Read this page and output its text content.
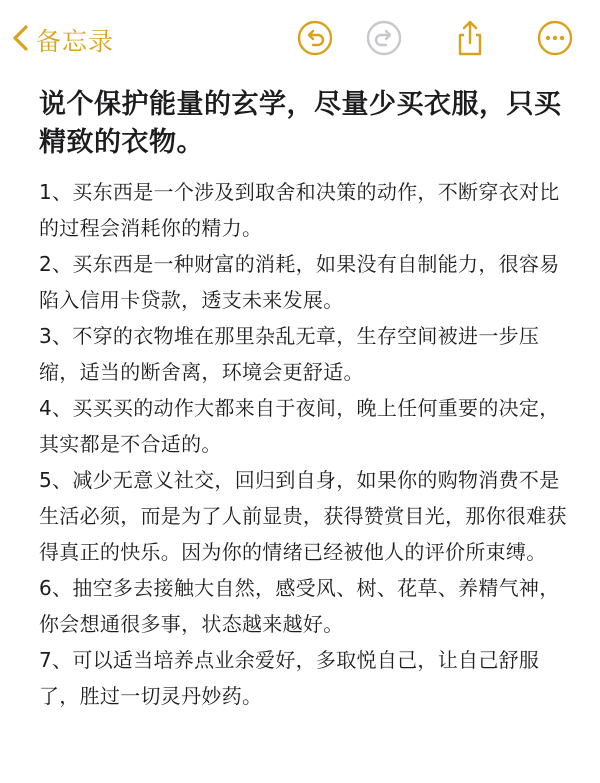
备忘录
说个保护能量的玄学，尽量少买衣服，只买精致的衣物。

1、买东西是一个涉及到取舍和决策的动作，不断穿衣对比的过程会消耗你的精力。

2、买东西是一种财富的消耗，如果没有自制能力，很容易陷入信用卡贷款，透支未来发展。

3、不穿的衣物堆在那里杂乱无章，生存空间被进一步压缩，适当的断舍离，环境会更舒适。

4、买买买的动作大都来自于夜间，晚上任何重要的决定，其实都是不合适的。

5、减少无意义社交，回归到自身，如果你的购物消费不是生活必须，而是为了人前显贵，获得赞赏目光，那你很难获得真正的快乐。因为你的情绪已经被他人的评价所束缚。

6、抽空多去接触大自然，感受风、树、花草、养精气神，你会想通很多事，状态越来越好。

7、可以适当培养点业余爱好，多取悦自己，让自己舒服了，胜过一切灵丹妙药。
